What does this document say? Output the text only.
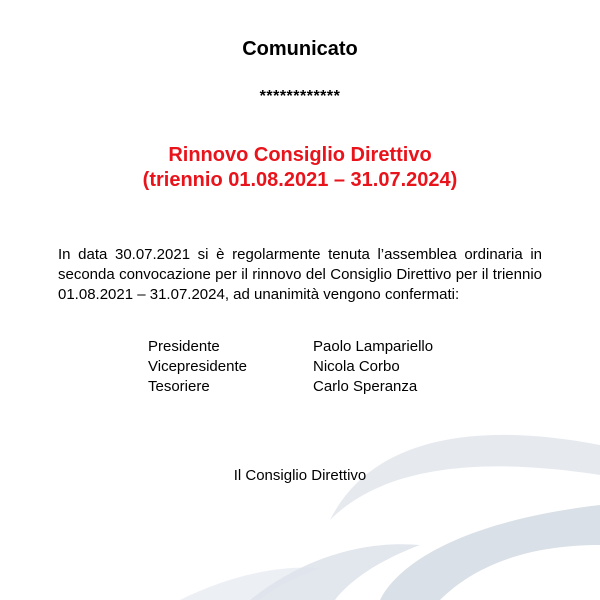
Comunicato
************
Rinnovo Consiglio Direttivo
(triennio 01.08.2021 – 31.07.2024)
In data 30.07.2021 si è regolarmente tenuta l’assemblea ordinaria in seconda convocazione per il rinnovo del Consiglio Direttivo per il triennio 01.08.2021 – 31.07.2024, ad unanimità vengono confermati:
Presidente	Paolo Lampariello
Vicepresidente	Nicola Corbo
Tesoriere	Carlo Speranza
Il Consiglio Direttivo
